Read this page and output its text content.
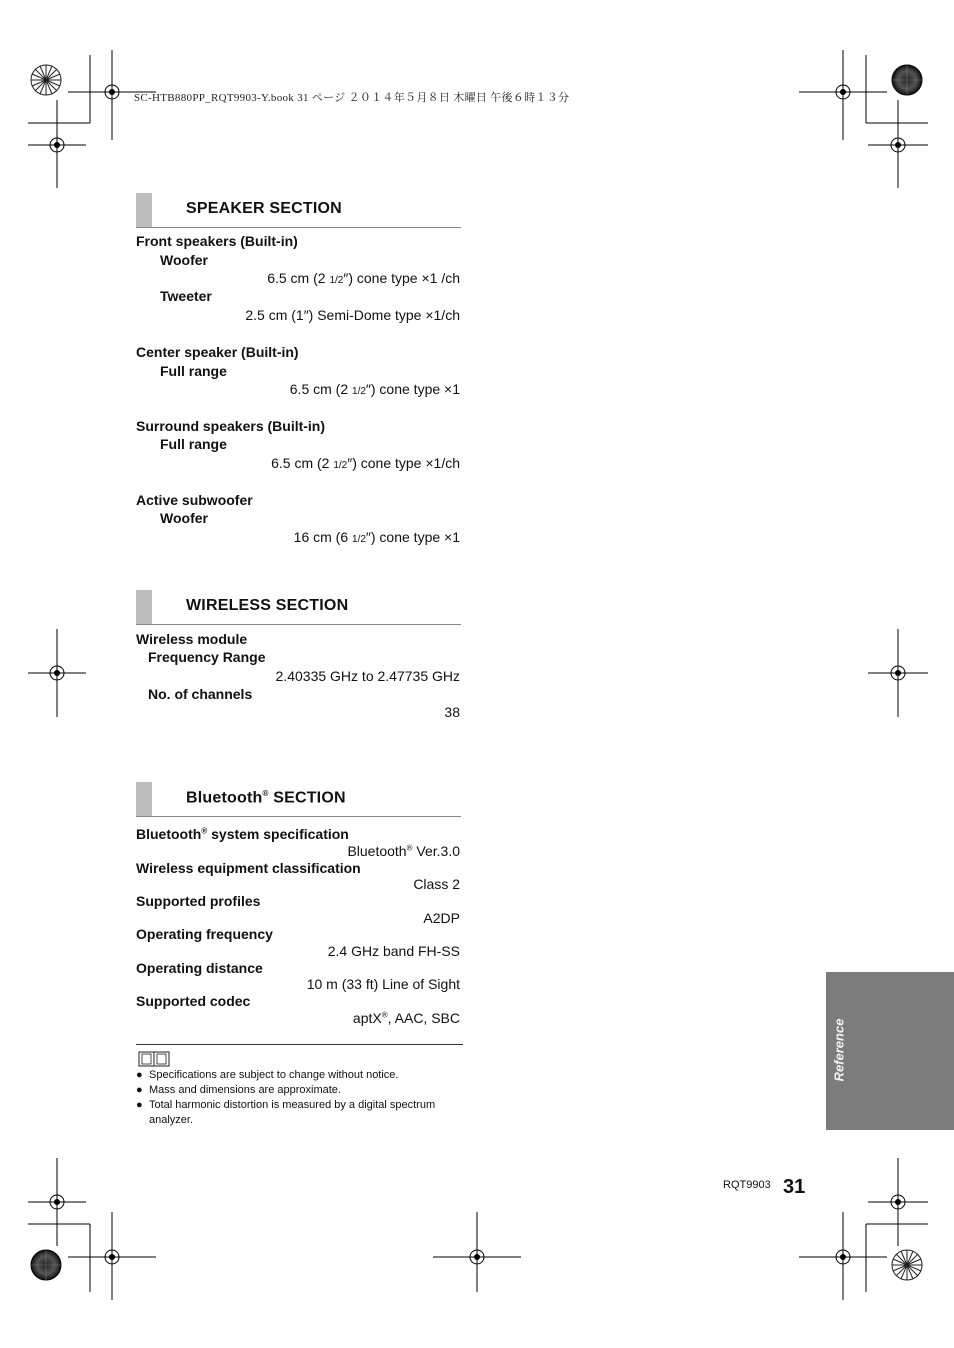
SC-HTB880PP_RQT9903-Y.book 31 ページ ２０１４年５月８日 木曜日 午後６時１３分
SPEAKER SECTION
Front speakers (Built-in)
Woofer
6.5 cm (2 1/2″) cone type ×1 /ch
Tweeter
2.5 cm (1″) Semi-Dome type ×1/ch
Center speaker (Built-in)
Full range
6.5 cm (2 1/2″) cone type ×1
Surround speakers (Built-in)
Full range
6.5 cm (2 1/2″) cone type ×1/ch
Active subwoofer
Woofer
16 cm (6 1/2″) cone type ×1
WIRELESS SECTION
Wireless module
Frequency Range
2.40335 GHz to 2.47735 GHz
No. of channels
38
Bluetooth® SECTION
Bluetooth® system specification
Bluetooth® Ver.3.0
Wireless equipment classification
Class 2
Supported profiles
A2DP
Operating frequency
2.4 GHz band FH-SS
Operating distance
10 m (33 ft) Line of Sight
Supported codec
aptX®, AAC, SBC
● Specifications are subject to change without notice.
● Mass and dimensions are approximate.
● Total harmonic distortion is measured by a digital spectrum analyzer.
Reference
RQT9903 31
